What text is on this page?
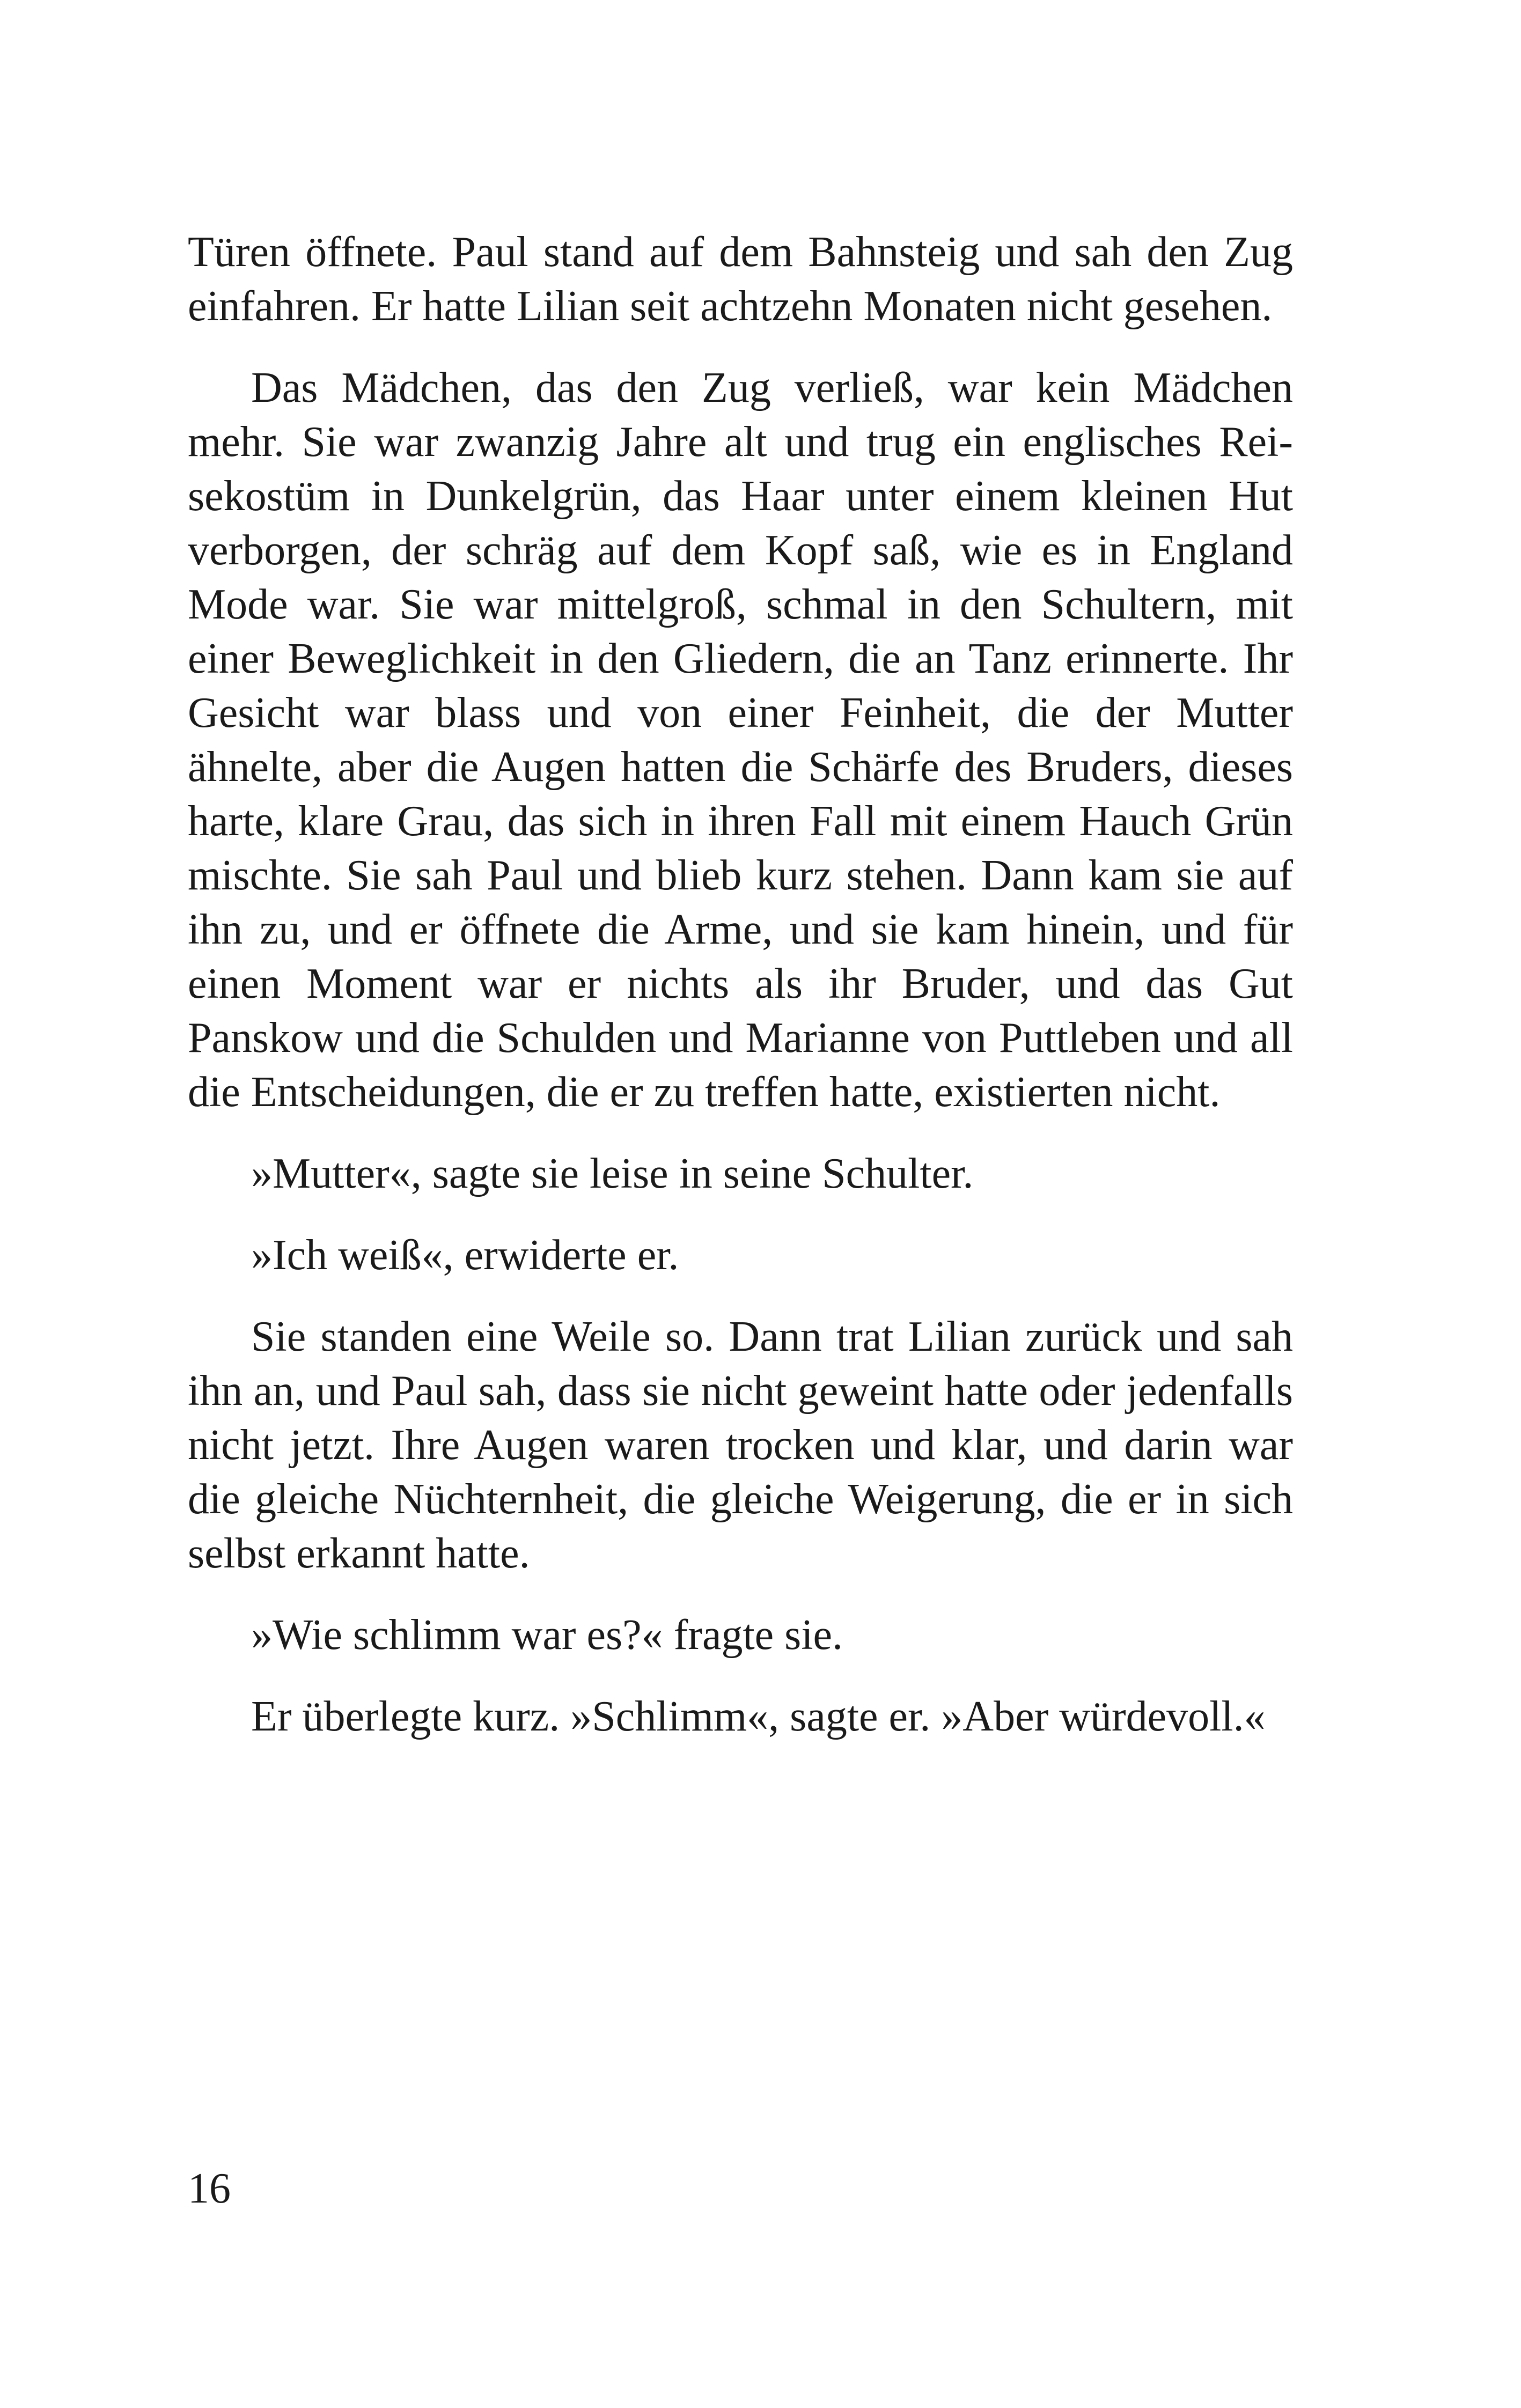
Türen öffnete. Paul stand auf dem Bahnsteig und sah den Zug einfahren. Er hatte Lilian seit achtzehn Monaten nicht gesehen.

Das Mädchen, das den Zug verließ, war kein Mädchen mehr. Sie war zwanzig Jahre alt und trug ein englisches Reisekostüm in Dunkelgrün, das Haar unter einem kleinen Hut verborgen, der schräg auf dem Kopf saß, wie es in England Mode war. Sie war mittelgroß, schmal in den Schultern, mit einer Beweglichkeit in den Gliedern, die an Tanz erinnerte. Ihr Gesicht war blass und von einer Feinheit, die der Mutter ähnelte, aber die Augen hatten die Schärfe des Bruders, dieses harte, klare Grau, das sich in ihren Fall mit einem Hauch Grün mischte. Sie sah Paul und blieb kurz stehen. Dann kam sie auf ihn zu, und er öffnete die Arme, und sie kam hinein, und für einen Moment war er nichts als ihr Bruder, und das Gut Panskow und die Schulden und Marianne von Puttleben und all die Entscheidungen, die er zu treffen hatte, existierten nicht.

»Mutter«, sagte sie leise in seine Schulter.

»Ich weiß«, erwiderte er.

Sie standen eine Weile so. Dann trat Lilian zurück und sah ihn an, und Paul sah, dass sie nicht geweint hatte oder jedenfalls nicht jetzt. Ihre Augen waren trocken und klar, und darin war die gleiche Nüchternheit, die gleiche Weigerung, die er in sich selbst erkannt hatte.

»Wie schlimm war es?« fragte sie.

Er überlegte kurz. »Schlimm«, sagte er. »Aber würdevoll.«

16
